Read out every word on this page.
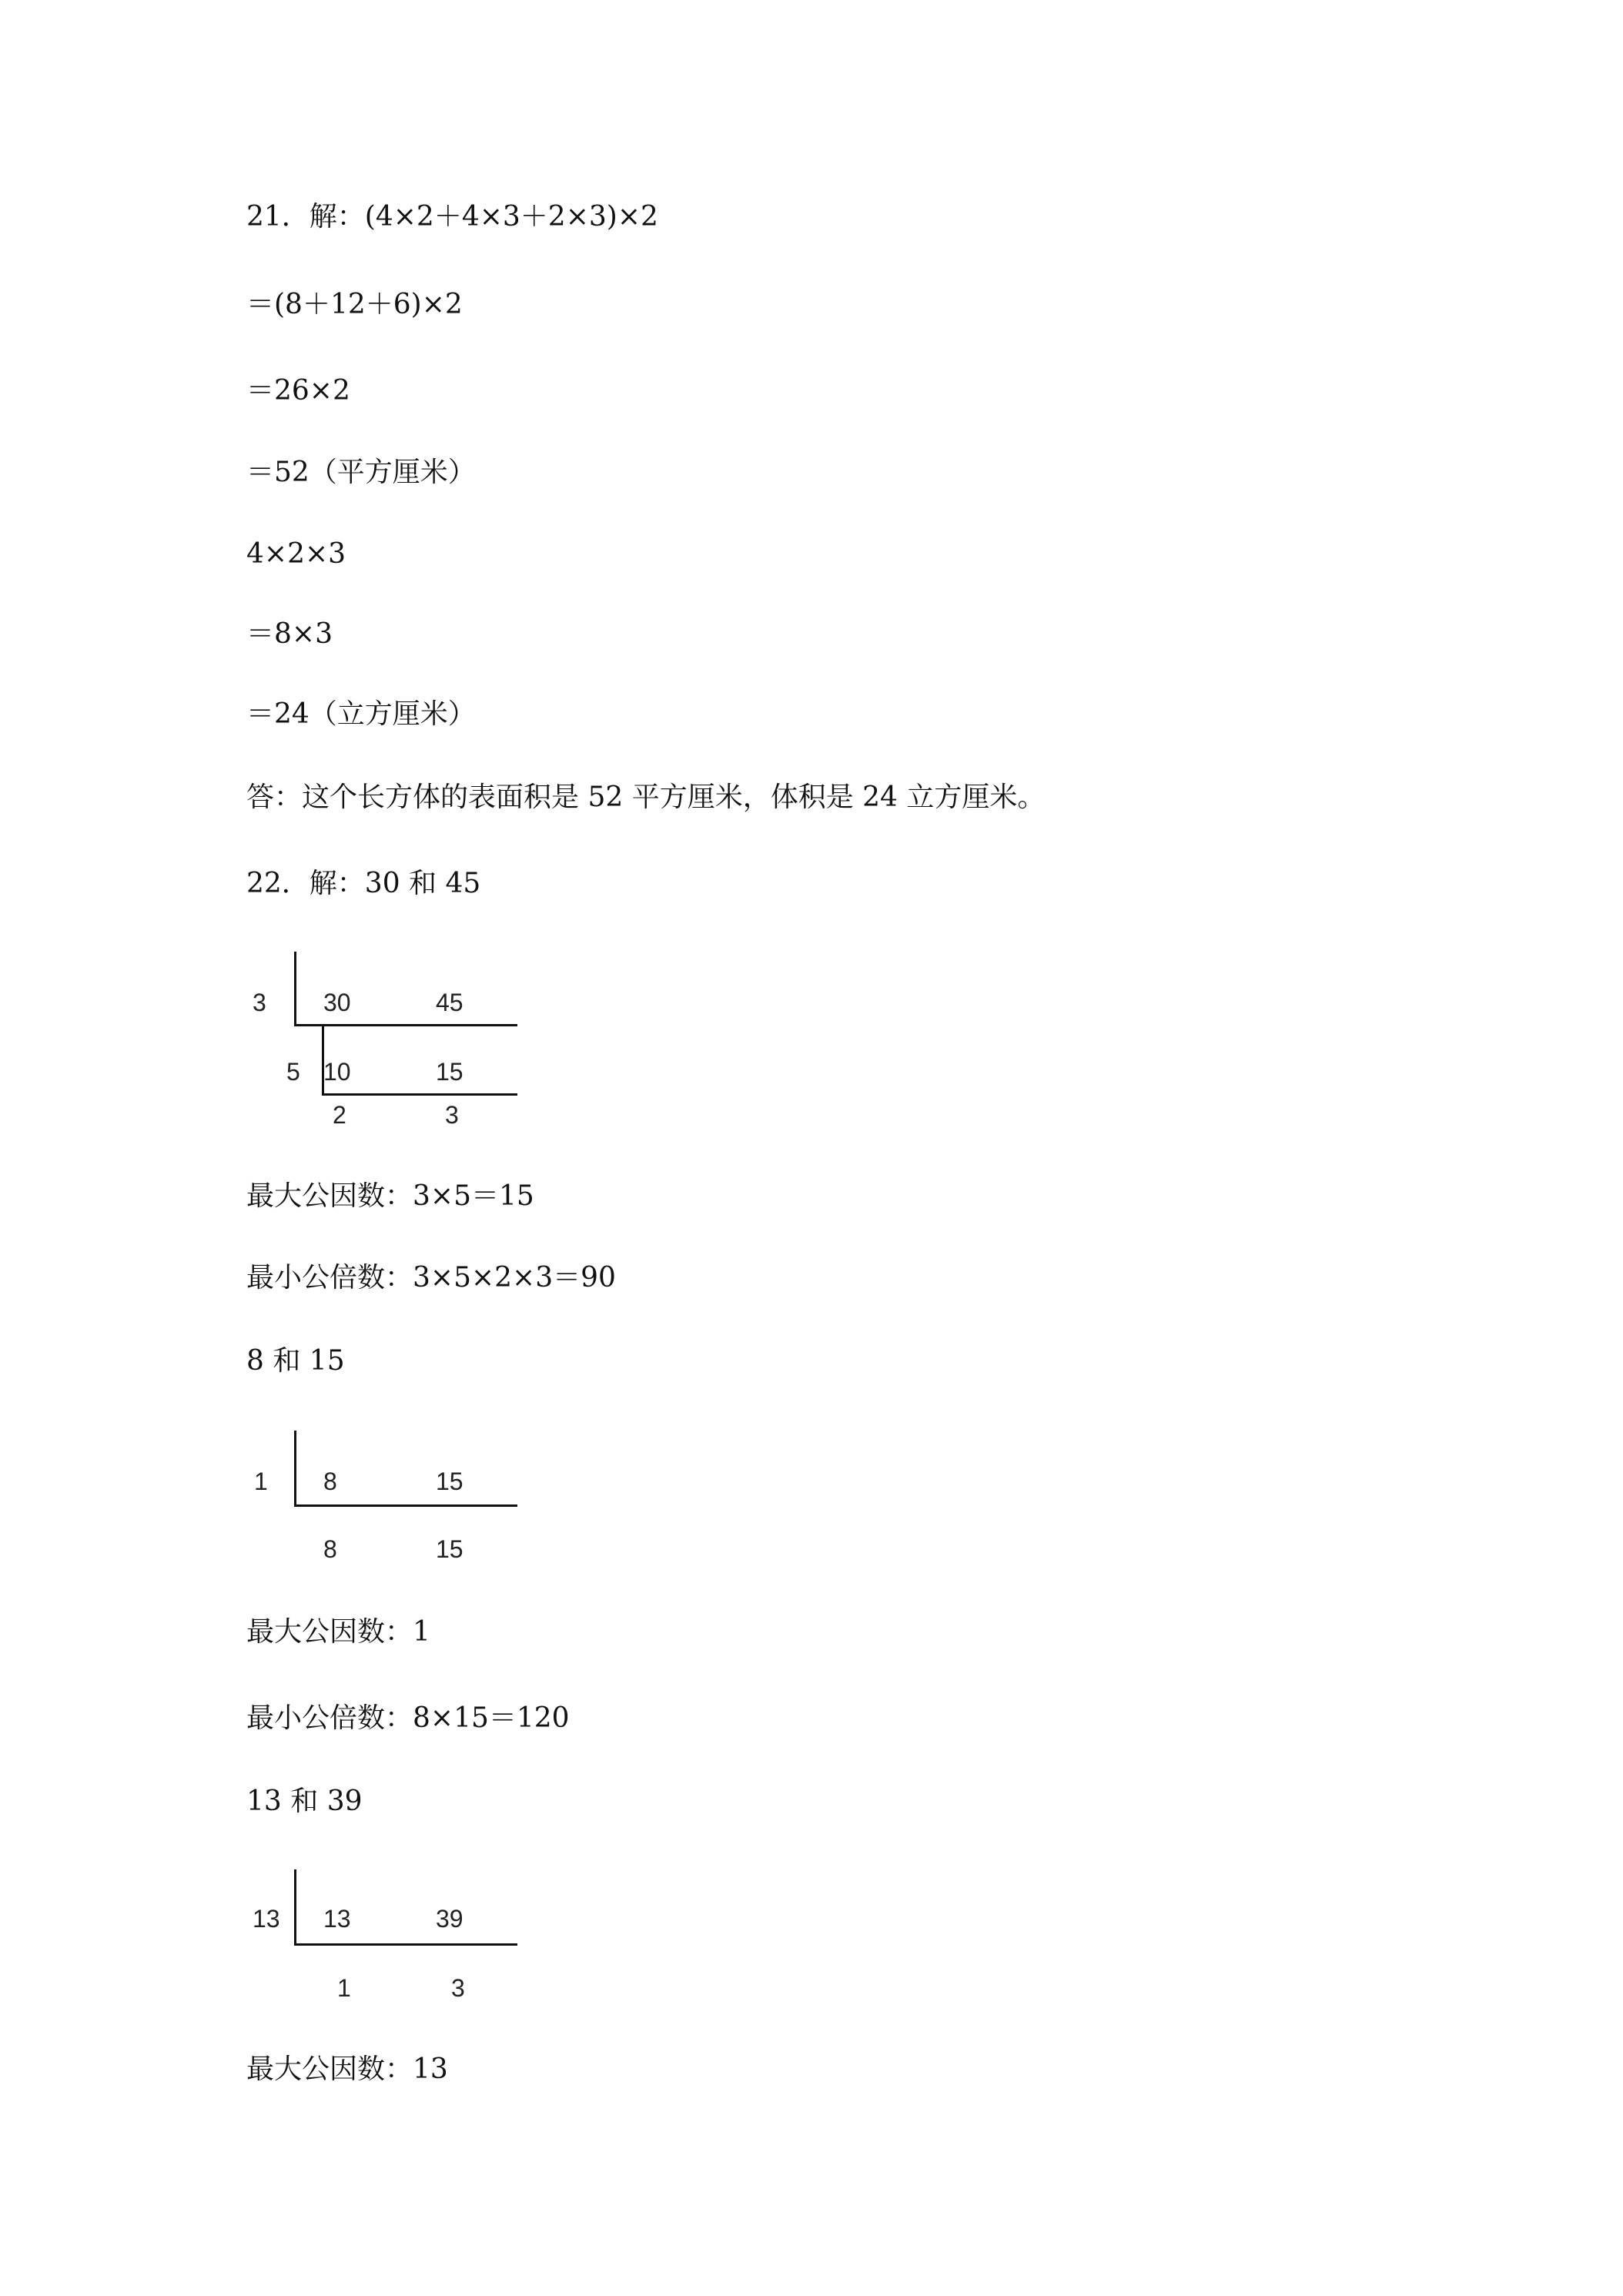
21．解：(4×2＋4×3＋2×3)×2
＝(8＋12＋6)×2
＝26×2
＝52（平方厘米）
4×2×3
＝8×3
＝24（立方厘米）
答：这个长方体的表面积是 52 平方厘米，体积是 24 立方厘米。
22．解：30 和 45
3 30	45
5 10	15
2	3
最大公因数：3×5＝15
最小公倍数：3×5×2×3＝90
8 和 15
1 8	15
8	15
最大公因数：1
最小公倍数：8×15＝120
13 和 39
13 13	39
1	3
最大公因数：13
